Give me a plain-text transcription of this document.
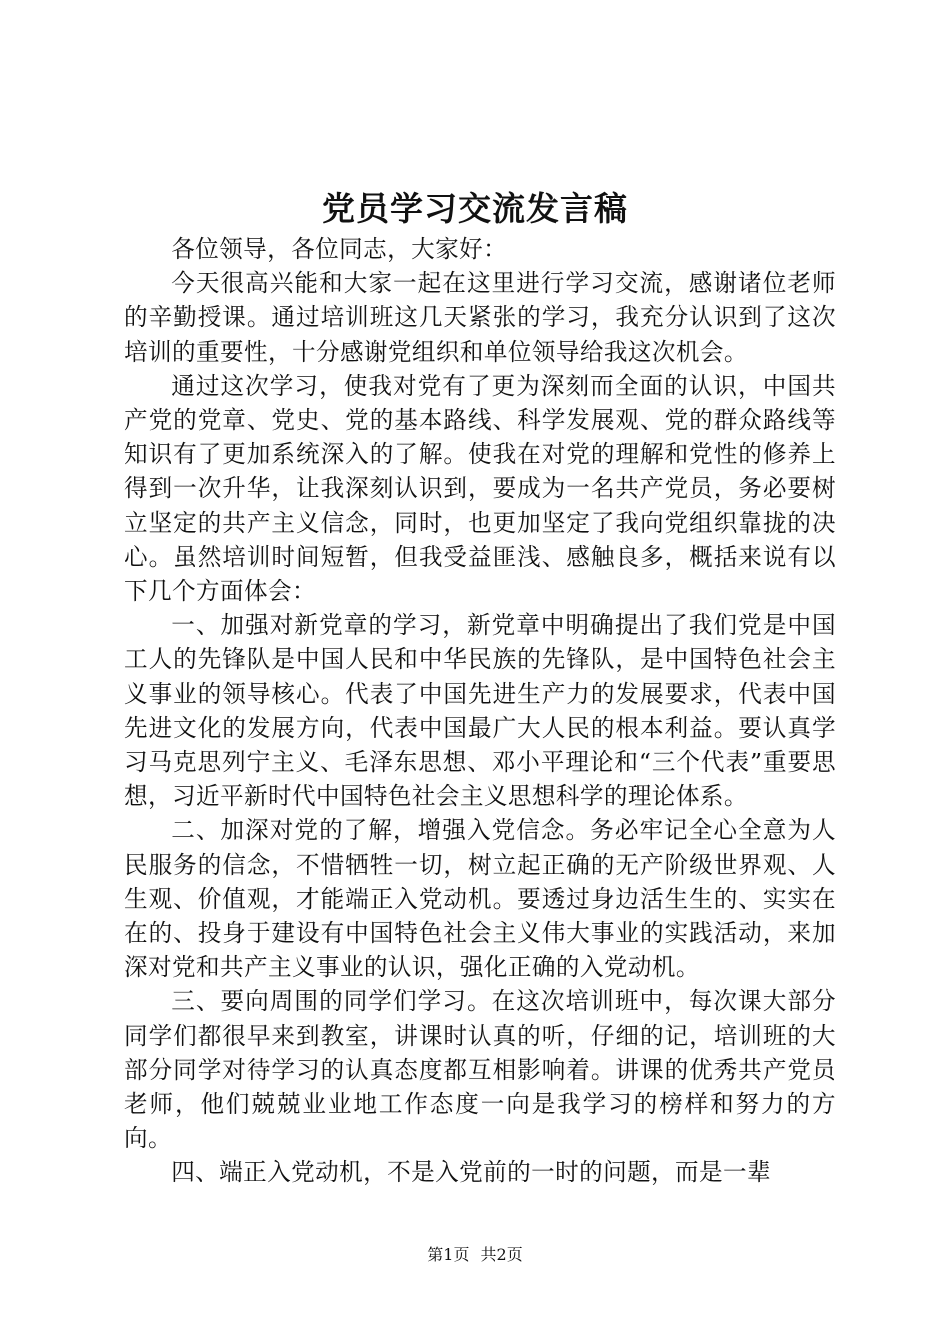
党员学习交流发言稿

各位领导，各位同志，大家好：

今天很高兴能和大家一起在这里进行学习交流，感谢诸位老师的辛勤授课。通过培训班这几天紧张的学习，我充分认识到了这次培训的重要性，十分感谢党组织和单位领导给我这次机会。

通过这次学习，使我对党有了更为深刻而全面的认识，中国共产党的党章、党史、党的基本路线、科学发展观、党的群众路线等知识有了更加系统深入的了解。使我在对党的理解和党性的修养上得到一次升华，让我深刻认识到，要成为一名共产党员，务必要树立坚定的共产主义信念，同时，也更加坚定了我向党组织靠拢的决心。虽然培训时间短暂，但我受益匪浅、感触良多，概括来说有以下几个方面体会：

一、加强对新党章的学习，新党章中明确提出了我们党是中国工人的先锋队是中国人民和中华民族的先锋队，是中国特色社会主义事业的领导核心。代表了中国先进生产力的发展要求，代表中国先进文化的发展方向，代表中国最广大人民的根本利益。要认真学习马克思列宁主义、毛泽东思想、邓小平理论和“三个代表”重要思想，习近平新时代中国特色社会主义思想科学的理论体系。

二、加深对党的了解，增强入党信念。务必牢记全心全意为人民服务的信念，不惜牺牲一切，树立起正确的无产阶级世界观、人生观、价值观，才能端正入党动机。要透过身边活生生的、实实在在的、投身于建设有中国特色社会主义伟大事业的实践活动，来加深对党和共产主义事业的认识，强化正确的入党动机。

三、要向周围的同学们学习。在这次培训班中，每次课大部分同学们都很早来到教室，讲课时认真的听，仔细的记，培训班的大部分同学对待学习的认真态度都互相影响着。讲课的优秀共产党员老师，他们兢兢业业地工作态度一向是我学习的榜样和努力的方向。

四、端正入党动机，不是入党前的一时的问题，而是一辈

第1页 共2页
